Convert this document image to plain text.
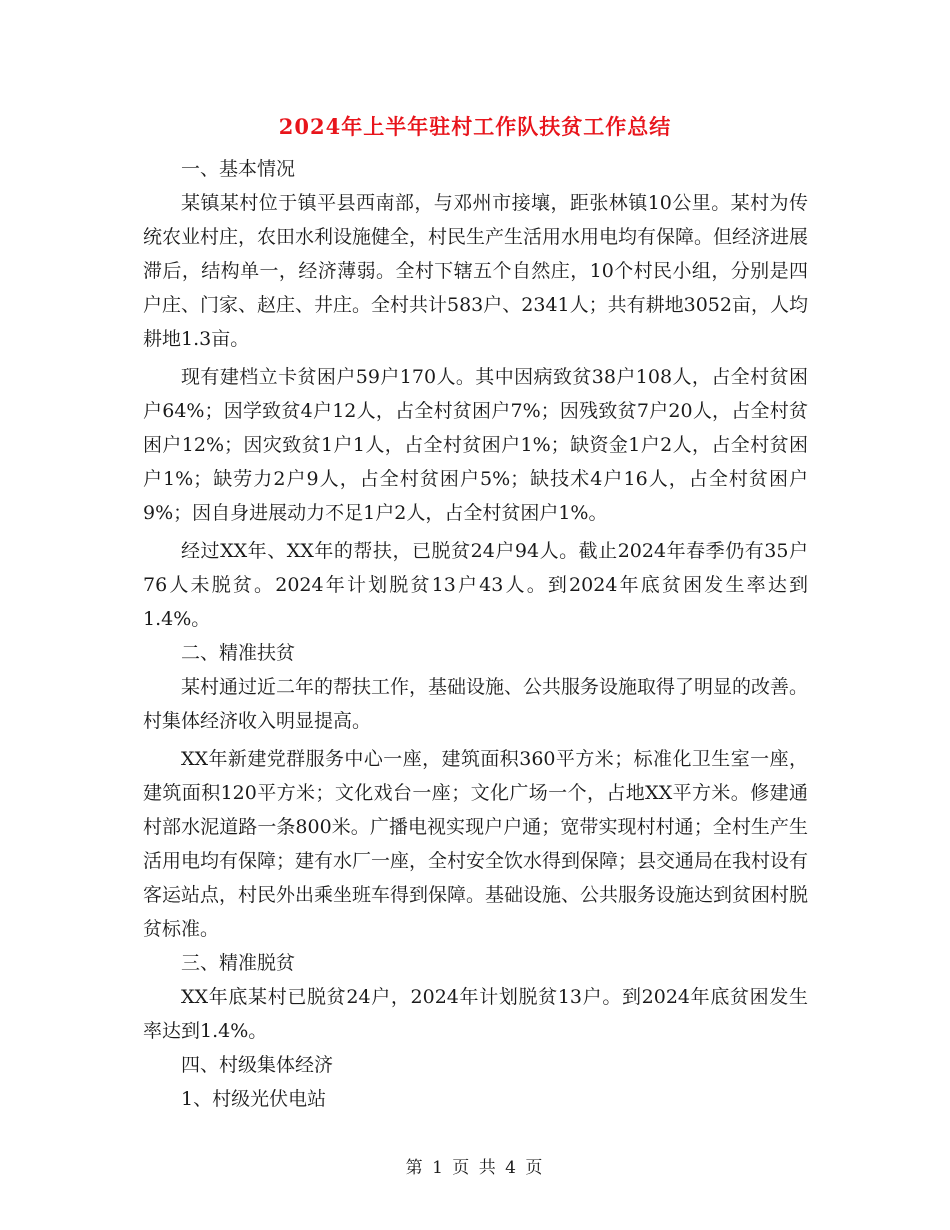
2024年上半年驻村工作队扶贫工作总结
一、基本情况

某镇某村位于镇平县西南部，与邓州市接壤，距张林镇10公里。某村为传统农业村庄，农田水利设施健全，村民生产生活用水用电均有保障。但经济进展滞后，结构单一，经济薄弱。全村下辖五个自然庄，10个村民小组，分别是四户庄、门家、赵庄、井庄。全村共计583户、2341人；共有耕地3052亩，人均耕地1.3亩。

现有建档立卡贫困户59户170人。其中因病致贫38户108人，占全村贫困户64%；因学致贫4户12人，占全村贫困户7%；因残致贫7户20人，占全村贫困户12%；因灾致贫1户1人，占全村贫困户1%；缺资金1户2人，占全村贫困户1%；缺劳力2户9人，占全村贫困户5%；缺技术4户16人，占全村贫困户9%；因自身进展动力不足1户2人，占全村贫困户1%。

经过XX年、XX年的帮扶，已脱贫24户94人。截止2024年春季仍有35户76人未脱贫。2024年计划脱贫13户43人。到2024年底贫困发生率达到1.4%。

二、精准扶贫

某村通过近二年的帮扶工作，基础设施、公共服务设施取得了明显的改善。村集体经济收入明显提高。

XX年新建党群服务中心一座，建筑面积360平方米；标准化卫生室一座，建筑面积120平方米；文化戏台一座；文化广场一个，占地XX平方米。修建通村部水泥道路一条800米。广播电视实现户户通；宽带实现村村通；全村生产生活用电均有保障；建有水厂一座，全村安全饮水得到保障；县交通局在我村设有客运站点，村民外出乘坐班车得到保障。基础设施、公共服务设施达到贫困村脱贫标准。

三、精准脱贫

XX年底某村已脱贫24户，2024年计划脱贫13户。到2024年底贫困发生率达到1.4%。

四、村级集体经济
1、村级光伏电站
第 1 页 共 4 页
